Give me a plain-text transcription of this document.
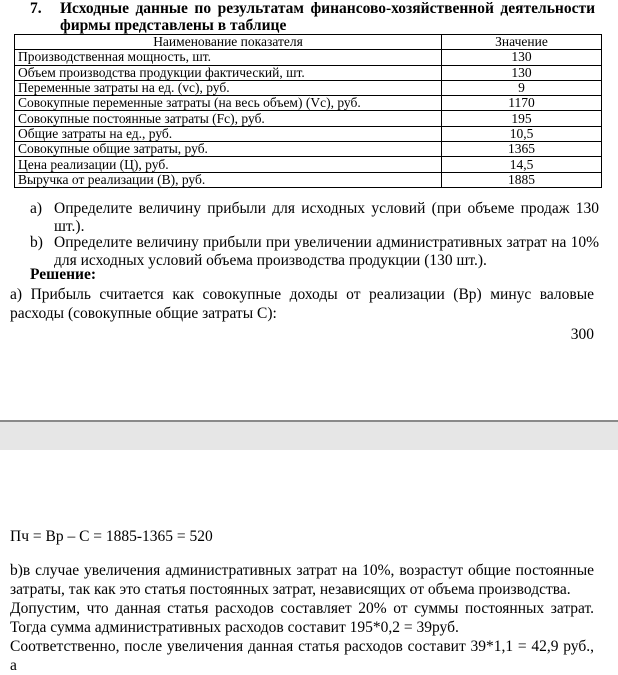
7. Исходные данные по результатам финансово-хозяйственной деятельности
фирмы представлены в таблице
Наименование показателя	Значение
Производственная мощность, шт.	130
Объем производства продукции фактический, шт.	130
Переменные затраты на ед. (vc), руб.	9
Совокупные переменные затраты (на весь объем) (Vc), руб.	1170
Совокупные постоянные затраты (Fc), руб.	195
Общие затраты на ед., руб.	10,5
Совокупные общие затраты, руб.	1365
Цена реализации (Ц), руб.	14,5
Выручка от реализации (В), руб.	1885
a) Определите величину прибыли для исходных условий (при объеме продаж 130 шт.).
b) Определите величину прибыли при увеличении административных затрат на 10% для исходных условий объема производства продукции (130 шт.).
Решение:
а) Прибыль считается как совокупные доходы от реализации (Вр) минус валовые расходы (совокупные общие затраты С):
300
Пч = Вр – С = 1885-1365 = 520
b)в случае увеличения административных затрат на 10%, возрастут общие постоянные затраты, так как это статья постоянных затрат, независящих от объема производства.
Допустим, что данная статья расходов составляет 20% от суммы постоянных затрат. Тогда сумма административных расходов составит 195*0,2 = 39руб.
Соответственно, после увеличения данная статья расходов составит 39*1,1 = 42,9 руб., а
